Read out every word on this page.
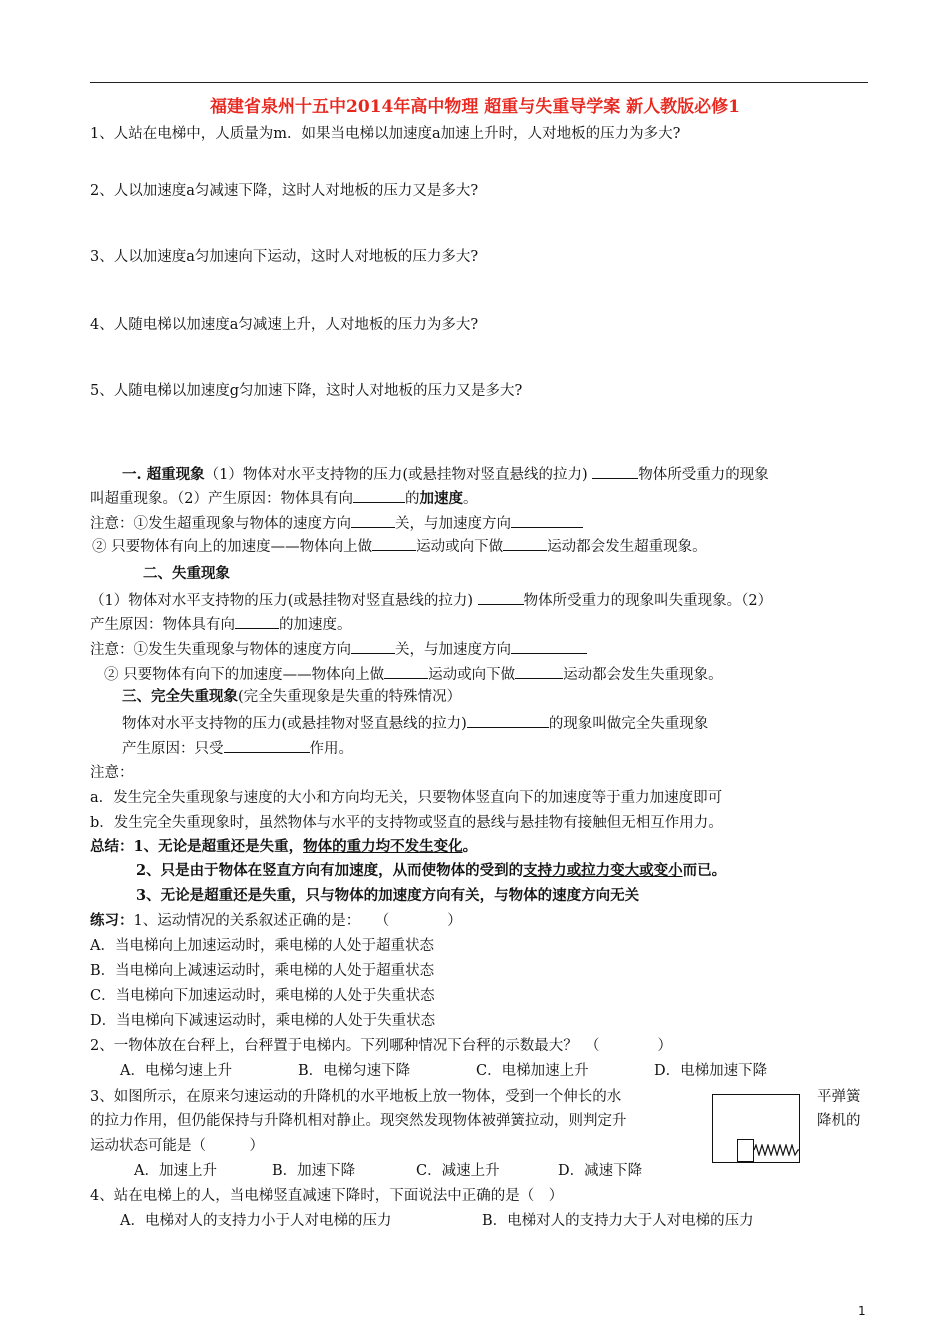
福建省泉州十五中2014年高中物理 超重与失重导学案 新人教版必修1
1、人站在电梯中，人质量为m．如果当电梯以加速度a加速上升时，人对地板的压力为多大?
2、人以加速度a匀减速下降，这时人对地板的压力又是多大?
3、人以加速度a匀加速向下运动，这时人对地板的压力多大?
4、人随电梯以加速度a匀减速上升，人对地板的压力为多大?
5、人随电梯以加速度g匀加速下降，这时人对地板的压力又是多大?
一. 超重现象（1）物体对水平支持物的压力(或悬挂物对竖直悬线的拉力)	物体所受重力的现象
叫超重现象。（2）产生原因：物体具有向	的加速度。
注意：①发生超重现象与物体的速度方向	关，与加速度方向
② 只要物体有向上的加速度——物体向上做	运动或向下做	运动都会发生超重现象。
二、失重现象
（1）物体对水平支持物的压力(或悬挂物对竖直悬线的拉力)	物体所受重力的现象叫失重现象。（2）
产生原因：物体具有向	的加速度。
注意：①发生失重现象与物体的速度方向	关，与加速度方向
② 只要物体有向下的加速度——物体向上做	运动或向下做	运动都会发生失重现象。
三、完全失重现象(完全失重现象是失重的特殊情况）
物体对水平支持物的压力(或悬挂物对竖直悬线的拉力)	的现象叫做完全失重现象
产生原因：只受	作用。
注意：
a．发生完全失重现象与速度的大小和方向均无关，只要物体竖直向下的加速度等于重力加速度即可
b．发生完全失重现象时，虽然物体与水平的支持物或竖直的悬线与悬挂物有接触但无相互作用力。
总结：1、无论是超重还是失重，物体的重力均不发生变化。
2、只是由于物体在竖直方向有加速度，从而使物体的受到的支持力或拉力变大或变小而已。
3、无论是超重还是失重，只与物体的加速度方向有关，与物体的速度方向无关
练习：1、运动情况的关系叙述正确的是：　　（　　　　）
A．当电梯向上加速运动时，乘电梯的人处于超重状态
B．当电梯向上减速运动时，乘电梯的人处于超重状态
C．当电梯向下加速运动时，乘电梯的人处于失重状态
D．当电梯向下减速运动时，乘电梯的人处于失重状态
2、一物体放在台秤上，台秤置于电梯内。下列哪种情况下台秤的示数最大？　（　　　　）
A．电梯匀速上升	B．电梯匀速下降	C．电梯加速上升	D．电梯加速下降
3、如图所示，在原来匀速运动的升降机的水平地板上放一物体，受到一个伸长的水	平弹簧
的拉力作用，但仍能保持与升降机相对静止。现突然发现物体被弹簧拉动，则判定升	降机的
运动状态可能是（　　　）
A．加速上升	B．加速下降	C．减速上升	D．减速下降
4、站在电梯上的人，当电梯竖直减速下降时，下面说法中正确的是（　）
A．电梯对人的支持力小于人对电梯的压力	B．电梯对人的支持力大于人对电梯的压力
1
